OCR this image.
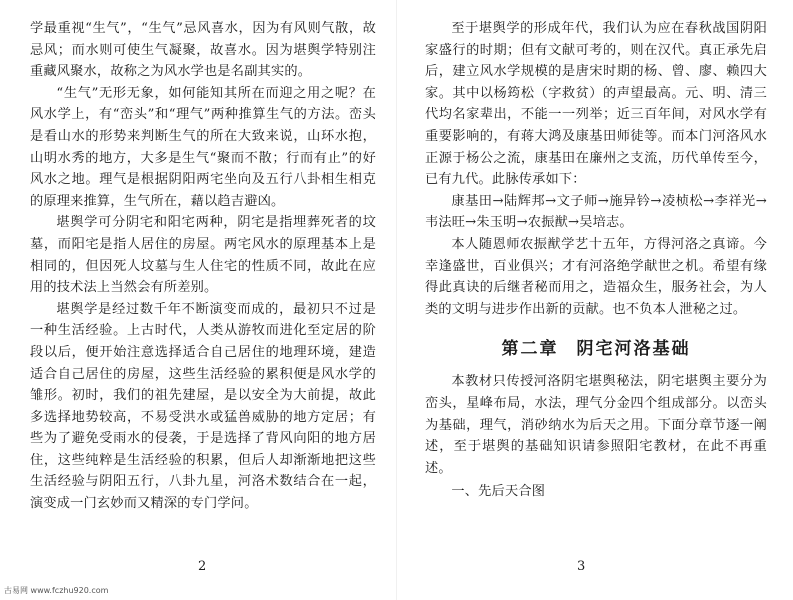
学最重视“生气”，“生气”忌风喜水，因为有风则气散，故忌风；而水则可使生气凝聚，故喜水。因为堪舆学特别注重藏风聚水，故称之为风水学也是名副其实的。

“生气”无形无象，如何能知其所在而迎之用之呢？在风水学上，有“峦头”和“理气”两种推算生气的方法。峦头是看山水的形势来判断生气的所在大致来说，山环水抱，山明水秀的地方，大多是生气“聚而不散；行而有止”的好风水之地。理气是根据阴阳两宅坐向及五行八卦相生相克的原理来推算，生气所在，藉以趋吉避凶。

堪舆学可分阴宅和阳宅两种，阴宅是指埋葬死者的坟墓，而阳宅是指人居住的房屋。两宅风水的原理基本上是相同的，但因死人坟墓与生人住宅的性质不同，故此在应用的技术法上当然会有所差别。

堪舆学是经过数千年不断演变而成的，最初只不过是一种生活经验。上古时代，人类从游牧而进化至定居的阶段以后，便开始注意选择适合自己居住的地理环境，建造适合自己居住的房屋，这些生活经验的累积便是风水学的雏形。初时，我们的祖先建屋，是以安全为大前提，故此多选择地势较高，不易受洪水或猛兽威胁的地方定居；有些为了避免受雨水的侵袭，于是选择了背风向阳的地方居住，这些纯粹是生活经验的积累，但后人却渐渐地把这些生活经验与阴阳五行，八卦九星，河洛术数结合在一起，演变成一门玄妙而又精深的专门学问。

2

至于堪舆学的形成年代，我们认为应在春秋战国阴阳家盛行的时期；但有文献可考的，则在汉代。真正承先启后，建立风水学规模的是唐宋时期的杨、曾、廖、赖四大家。其中以杨筠松（字救贫）的声望最高。元、明、清三代均名家辈出，不能一一列举；近三百年间，对风水学有重要影响的，有蒋大鸿及康基田师徒等。而本门河洛风水正源于杨公之流，康基田在廉州之支流，历代单传至今，已有九代。此脉传承如下：

康基田→陆辉邦→文子师→施异钤→凌桢松→李祥光→韦法旺→朱玉明→农振猷→吴培志。

本人随恩师农振猷学艺十五年，方得河洛之真谛。今幸逢盛世，百业俱兴；才有河洛绝学献世之机。希望有缘得此真诀的后继者秘而用之，造福众生，服务社会，为人类的文明与进步作出新的贡献。也不负本人泄秘之过。

第二章 阴宅河洛基础

本教材只传授河洛阴宅堪舆秘法，阴宅堪舆主要分为峦头，星峰布局，水法，理气分金四个组成部分。以峦头为基础，理气，消砂纳水为后天之用。下面分章节逐一阐述，至于堪舆的基础知识请参照阳宅教材，在此不再重述。

一、先后天合图

3
古易网 www.fczhu920.com
